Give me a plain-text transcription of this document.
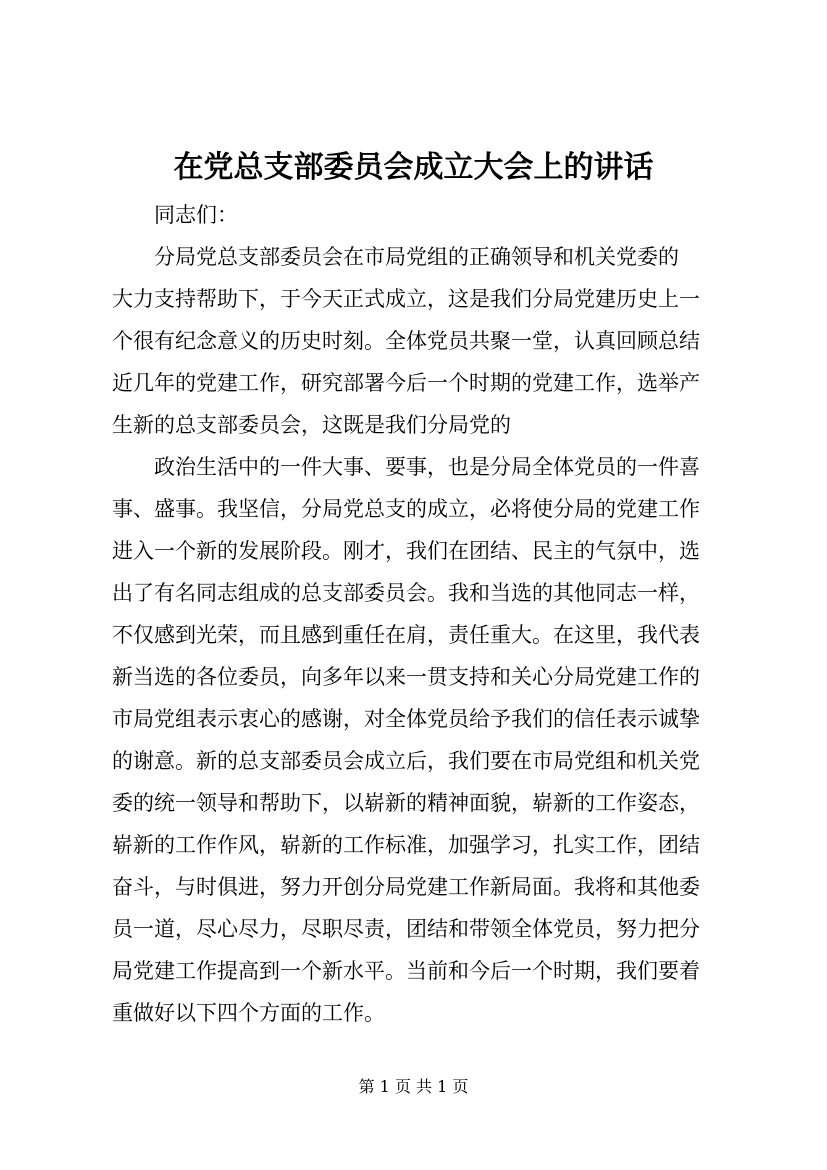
在党总支部委员会成立大会上的讲话

同志们：

分局党总支部委员会在市局党组的正确领导和机关党委的
大力支持帮助下，于今天正式成立，这是我们分局党建历史上一
个很有纪念意义的历史时刻。全体党员共聚一堂，认真回顾总结
近几年的党建工作，研究部署今后一个时期的党建工作，选举产
生新的总支部委员会，这既是我们分局党的

政治生活中的一件大事、要事，也是分局全体党员的一件喜
事、盛事。我坚信，分局党总支的成立，必将使分局的党建工作
进入一个新的发展阶段。刚才，我们在团结、民主的气氛中，选
出了有名同志组成的总支部委员会。我和当选的其他同志一样，
不仅感到光荣，而且感到重任在肩，责任重大。在这里，我代表
新当选的各位委员，向多年以来一贯支持和关心分局党建工作的
市局党组表示衷心的感谢，对全体党员给予我们的信任表示诚挚
的谢意。新的总支部委员会成立后，我们要在市局党组和机关党
委的统一领导和帮助下，以崭新的精神面貌，崭新的工作姿态，
崭新的工作作风，崭新的工作标准，加强学习，扎实工作，团结
奋斗，与时俱进，努力开创分局党建工作新局面。我将和其他委
员一道，尽心尽力，尽职尽责，团结和带领全体党员，努力把分
局党建工作提高到一个新水平。当前和今后一个时期，我们要着
重做好以下四个方面的工作。

第 1 页 共 1 页
